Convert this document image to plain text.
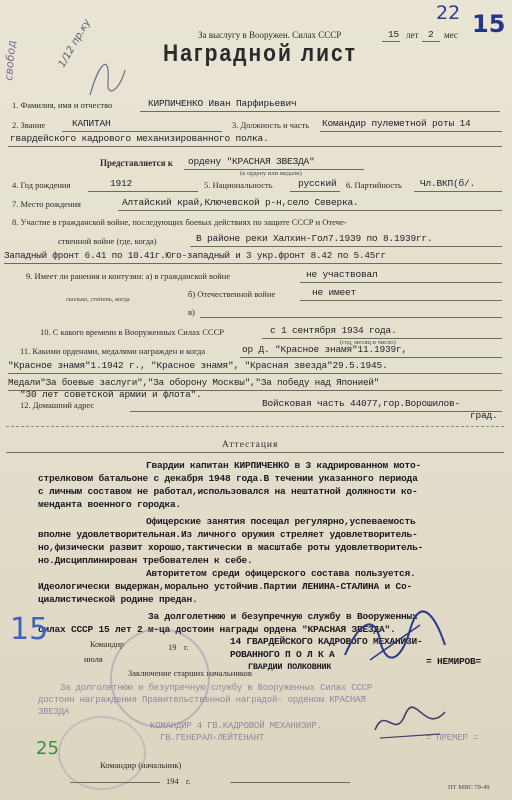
свобод	1/12 пр.ку	За выслугу в Вооружен. Силах СССР	15 лет 2 мес
22 15
Наградной лист
1. Фамилия, имя и отчество	КИРПИЧЕНКО Иван Парфирьевич
2. Звание	КАПИТАН	3. Должность и часть Командир пулеметной роты 14
гвардейского кадрового механизированного полка.
Представляется к ордену "КРАСНАЯ ЗВЕЗДА"
(к ордену или медали)
4. Год рождения	1912	5. Национальность	русский 6. Партийность Чл.ВКП(б/.
7. Место рождения	Алтайский край,Ключевской р-н,село Северка.
8. Участие в гражданской войне, последующих боевых действиях по защите СССР и Отече-
ственной войне (где, когда)	В районе реки Халхин-Гол7.1939 по 8.1939гг.
Западный фронт 6.41 по 10.41г.Юго-западный и 3 укр.фронт 8.42 по 5.45гг
9. Имеет ли ранения и контузии: а) в гражданской войне	не участвовал
сколько, степень, когда
б) Отечественной войне	не имеет
в)
10. С какого времени в Вооруженных Силах СССР	с 1 сентября 1934 года.
(год, месяц и число)
11. Какими орденами, медалями награжден и когда	ор Д. "Красное знамя"11.1939г,
"Красное знамя"1.1942 г., "Красное знамя", "Красная звезда"29.5.1945.
Медали"За боевые заслуги","За оборону Москвы","За победу над Японией"
"30 лет советской армии и флота".
12. Домашний адрес	Войсковая часть 44077,гор.Ворошилов-
град.
Аттестация
Гвардии капитан КИРПИЧЕНКО в 3 кадрированном мото-
стрелковом батальоне с декабря 1948 года.В течении указанного периода
с личным составом не работал,использовался на нештатной должности ко-
менданта военного городка.
Офицерские занятия посещал регулярно,успеваемость
вполне удовлетворительная.Из личного оружия стреляет удовлетворитель-
но,физически развит хорошо,тактически в масштабе роты удовлетворитель-
но.Дисциплинирован требователен к себе.
Авторитетом среди офицерского состава пользуется.
Идеологически выдержан,морально устойчив.Партии ЛЕНИНА-СТАЛИНА и Со-
циалистической родине предан.
За долголетнюю и безупречную службу в Вооруженных
силах СССР 15 лет 2 м-ца достоин награды ордена "КРАСНАЯ ЗВЕЗДА".
Командир	14 ГВАРДЕЙСКОГО КАДРОВОГО МЕХАНИЗИ-
РОВАННОГО П О Л К А
ГВАРДИИ ПОЛКОВНИК
июля
19 г.
= НЕМИРОВ=
Заключение старших начальников
За долголетнюю и безупречную службу в Вооруженных Силах СССР
достоин награждения Правительственной наградой- орденом КРАСНАЯ
ЗВЕЗДА
КОМАНДИР 4 ГВ.КАДРОВОЙ МЕХАНИЗИР.
ГВ.ГЕНЕРАЛ-ЛЕЙТЕНАНТ	= ПРЕМЕР =
15
25
Командир (начальник)
194 г.
ПТ МВС 79-49
